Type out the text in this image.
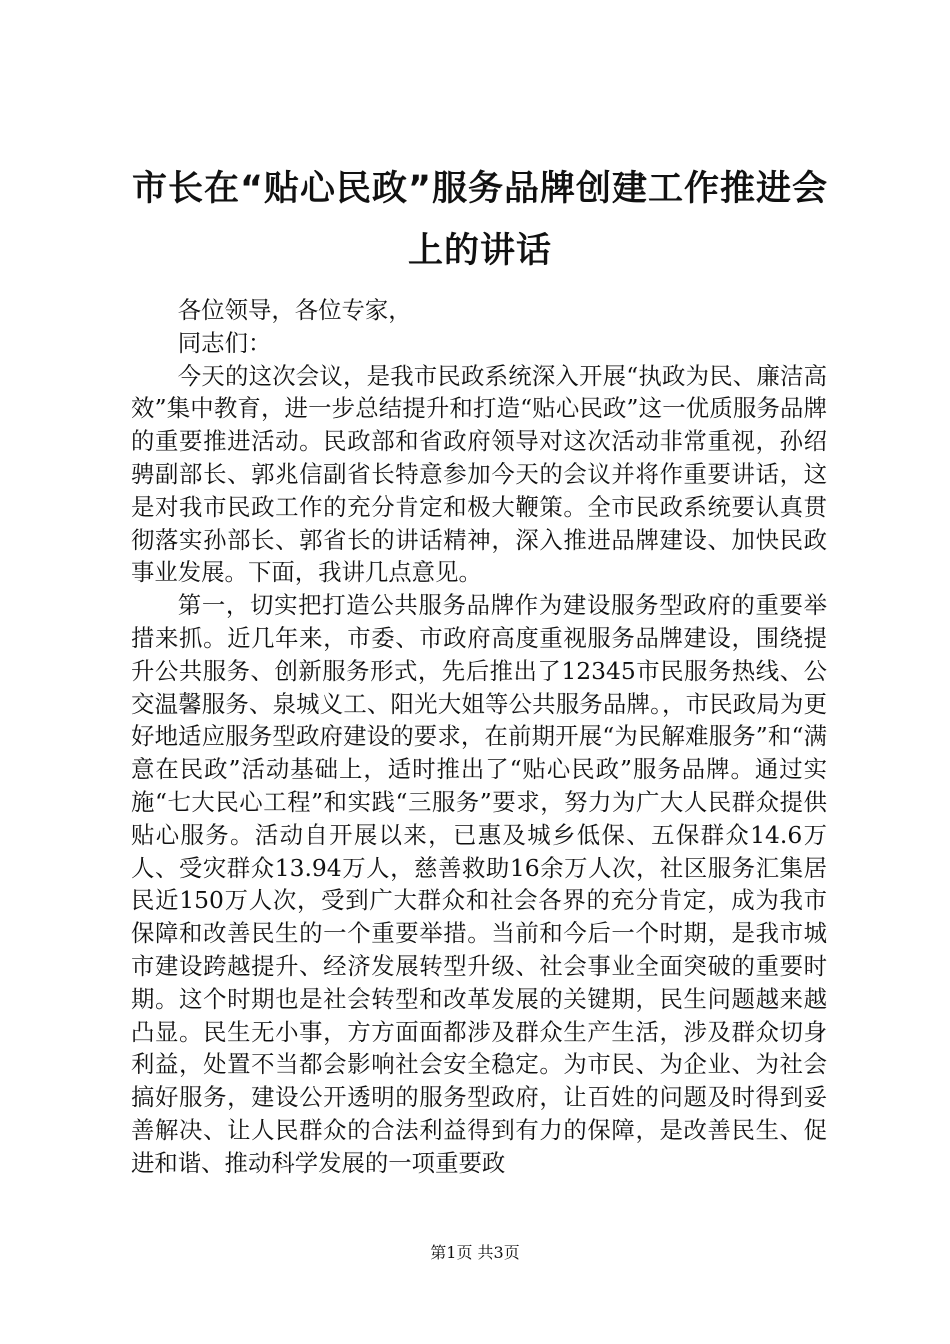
市长在“贴心民政”服务品牌创建工作推进会
上的讲话

各位领导，各位专家，

同志们：

今天的这次会议，是我市民政系统深入开展“执政为民、廉洁高效”集中教育，进一步总结提升和打造“贴心民政”这一优质服务品牌的重要推进活动。民政部和省政府领导对这次活动非常重视，孙绍骋副部长、郭兆信副省长特意参加今天的会议并将作重要讲话，这是对我市民政工作的充分肯定和极大鞭策。全市民政系统要认真贯彻落实孙部长、郭省长的讲话精神，深入推进品牌建设、加快民政事业发展。下面，我讲几点意见。

第一，切实把打造公共服务品牌作为建设服务型政府的重要举措来抓。近几年来，市委、市政府高度重视服务品牌建设，围绕提升公共服务、创新服务形式，先后推出了12345市民服务热线、公交温馨服务、泉城义工、阳光大姐等公共服务品牌。，市民政局为更好地适应服务型政府建设的要求，在前期开展“为民解难服务”和“满意在民政”活动基础上，适时推出了“贴心民政”服务品牌。通过实施“七大民心工程”和实践“三服务”要求，努力为广大人民群众提供贴心服务。活动自开展以来，已惠及城乡低保、五保群众14.6万人、受灾群众13.94万人，慈善救助16余万人次，社区服务汇集居民近150万人次，受到广大群众和社会各界的充分肯定，成为我市保障和改善民生的一个重要举措。当前和今后一个时期，是我市城市建设跨越提升、经济发展转型升级、社会事业全面突破的重要时期。这个时期也是社会转型和改革发展的关键期，民生问题越来越凸显。民生无小事，方方面面都涉及群众生产生活，涉及群众切身利益，处置不当都会影响社会安全稳定。为市民、为企业、为社会搞好服务，建设公开透明的服务型政府，让百姓的问题及时得到妥善解决、让人民群众的合法利益得到有力的保障，是改善民生、促进和谐、推动科学发展的一项重要政

第1页 共3页
